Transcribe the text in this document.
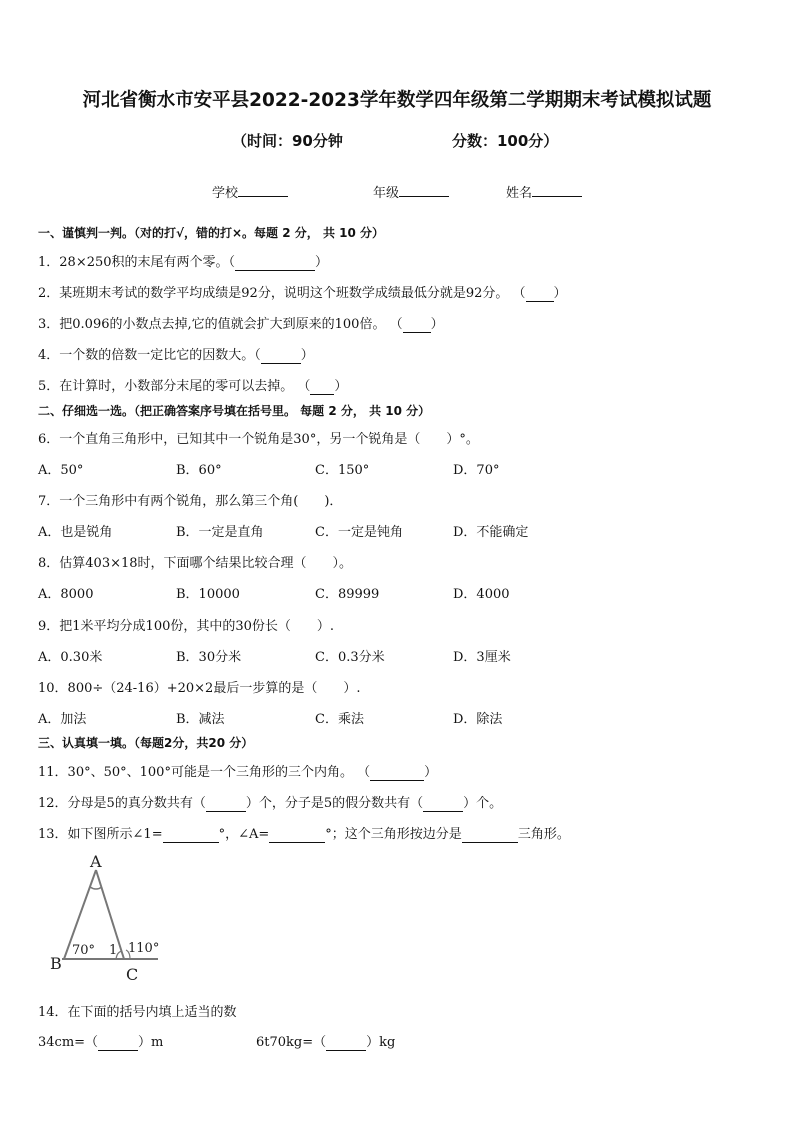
河北省衡水市安平县2022-2023学年数学四年级第二学期期末考试模拟试题
（时间：90分钟	分数：100分）
学校	年级	姓名
一、谨慎判一判。（对的打√，错的打×。每题 2 分， 共 10 分）
1．28×250积的末尾有两个零。（	）
2．某班期末考试的数学平均成绩是92分，说明这个班数学成绩最低分就是92分。 （ ）
3．把0.096的小数点去掉,它的值就会扩大到原来的100倍。 （ ）
4．一个数的倍数一定比它的因数大。（	）
5．在计算时，小数部分末尾的零可以去掉。 （ ）
二、仔细选一选。（把正确答案序号填在括号里。 每题 2 分， 共 10 分）
6．一个直角三角形中，已知其中一个锐角是30°，另一个锐角是（　　）°。
A．50°	B．60°	C．150°	D．70°
7．一个三角形中有两个锐角，那么第三个角(　　)．
A．也是锐角	B．一定是直角	C．一定是钝角	D．不能确定
8．估算403×18时，下面哪个结果比较合理（　　）。
A．8000	B．10000	C．89999	D．4000
9．把1米平均分成100份，其中的30份长（　　）.
A．0.30米	B．30分米	C．0.3分米	D．3厘米
10．800÷（24-16）+20×2最后一步算的是（　　）.
A．加法	B．减法	C．乘法	D．除法
三、认真填一填。（每题2分，共20 分）
11．30°、50°、100°可能是一个三角形的三个内角。 （	）
12．分母是5的真分数共有（	）个，分子是5的假分数共有（	）个。
13．如下图所示∠1=	°，∠A=	°；这个三角形按边分是	三角形。
A
B
C
70° 1 110°
14．在下面的括号内填上适当的数
34cm=（	）m	6t70kg=（	）kg
